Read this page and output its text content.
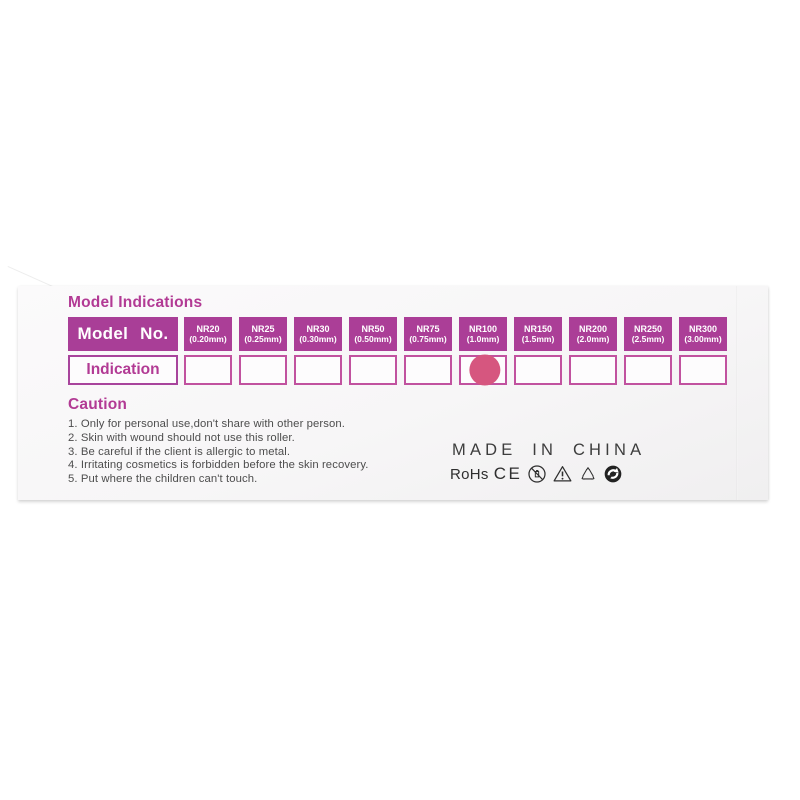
Model Indications
Model No.	NR20
(0.20mm)
NR25
(0.25mm)
NR30
(0.30mm)
NR50
(0.50mm)
NR75
(0.75mm)
NR100
(1.0mm)
NR150
(1.5mm)
NR200
(2.0mm)
NR250
(2.5mm)
NR300
(3.00mm)
Indication
Caution
1. Only for personal use,don't share with other person.
2. Skin with wound should not use this roller.
3. Be careful if the client is allergic to metal.
4. Irritating cosmetics is forbidden before the skin recovery.
5. Put where the children can't touch.
MADE IN CHINA
RoHs CE
